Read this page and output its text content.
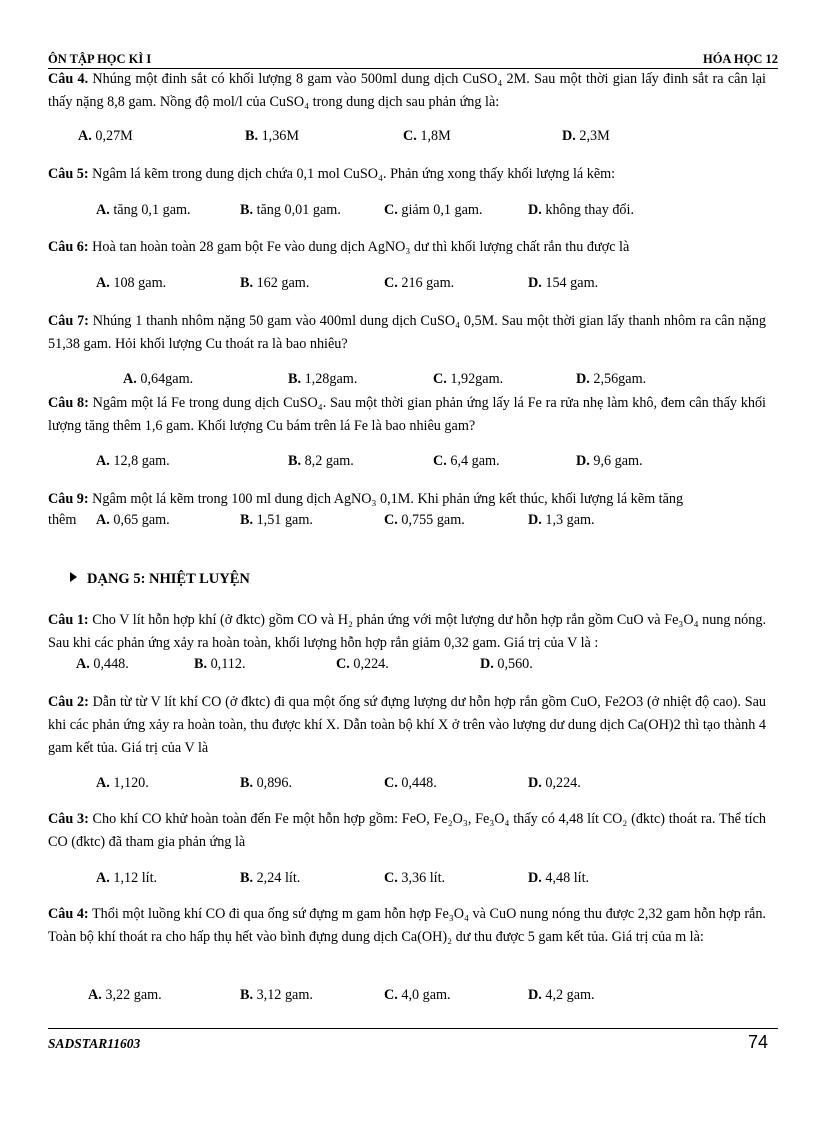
ÔN TẬP HỌC KÌ I	HÓA HỌC 12
Câu 4. Nhúng một đinh sắt có khối lượng 8 gam vào 500ml dung dịch CuSO₄ 2M. Sau một thời gian lấy đinh sắt ra cân lại thấy nặng 8,8 gam. Nồng độ mol/l của CuSO₄ trong dung dịch sau phản ứng là:
A. 0,27M	B. 1,36M	C. 1,8M	D. 2,3M
Câu 5: Ngâm lá kẽm trong dung dịch chứa 0,1 mol CuSO₄. Phản ứng xong thấy khối lượng lá kẽm:
A. tăng 0,1 gam.	B. tăng 0,01 gam.	C. giảm 0,1 gam.	D. không thay đổi.
Câu 6: Hoà tan hoàn toàn 28 gam bột Fe vào dung dịch AgNO₃ dư thì khối lượng chất rắn thu được là
A. 108 gam.	B. 162 gam.	C. 216 gam.	D. 154 gam.
Câu 7: Nhúng 1 thanh nhôm nặng 50 gam vào 400ml dung dịch CuSO₄ 0,5M. Sau một thời gian lấy thanh nhôm ra cân nặng 51,38 gam. Hỏi khối lượng Cu thoát ra là bao nhiêu?
A. 0,64gam.	B. 1,28gam.	C. 1,92gam.	D. 2,56gam.
Câu 8: Ngâm một lá Fe trong dung dịch CuSO₄. Sau một thời gian phản ứng lấy lá Fe ra rửa nhẹ làm khô, đem cân thấy khối lượng tăng thêm 1,6 gam. Khối lượng Cu bám trên lá Fe là bao nhiêu gam?
A. 12,8 gam.	B. 8,2 gam.	C. 6,4 gam.	D. 9,6 gam.
Câu 9: Ngâm một lá kẽm trong 100 ml dung dịch AgNO₃ 0,1M. Khi phản ứng kết thúc, khối lượng lá kẽm tăng
thêm A. 0,65 gam.	B. 1,51 gam.	C. 0,755 gam.	D. 1,3 gam.
DẠNG 5: NHIỆT LUYỆN
Câu 1: Cho V lít hỗn hợp khí (ở đktc) gồm CO và H₂ phản ứng với một lượng dư hỗn hợp rắn gồm CuO và Fe₃O₄ nung nóng. Sau khi các phản ứng xảy ra hoàn toàn, khối lượng hỗn hợp rắn giảm 0,32 gam. Giá trị của V là :
A. 0,448.	B. 0,112.	C. 0,224.	D. 0,560.
Câu 2: Dẫn từ từ V lít khí CO (ở đktc) đi qua một ống sứ đựng lượng dư hỗn hợp rắn gồm CuO, Fe2O3 (ở nhiệt độ cao). Sau khi các phản ứng xảy ra hoàn toàn, thu được khí X. Dẫn toàn bộ khí X ở trên vào lượng dư dung dịch Ca(OH)2 thì tạo thành 4 gam kết tủa. Giá trị của V là
A. 1,120.	B. 0,896.	C. 0,448.	D. 0,224.
Câu 3: Cho khí CO khử hoàn toàn đến Fe một hỗn hợp gồm: FeO, Fe₂O₃, Fe₃O₄ thấy có 4,48 lít CO₂ (đktc) thoát ra. Thể tích CO (đktc) đã tham gia phản ứng là
A. 1,12 lít.	B. 2,24 lít.	C. 3,36 lít.	D. 4,48 lít.
Câu 4: Thổi một luồng khí CO đi qua ống sứ đựng m gam hỗn hợp Fe₃O₄ và CuO nung nóng thu được 2,32 gam hỗn hợp rắn. Toàn bộ khí thoát ra cho hấp thụ hết vào bình đựng dung dịch Ca(OH)₂ dư thu được 5 gam kết tủa. Giá trị của m là:
A. 3,22 gam.	B. 3,12 gam.	C. 4,0 gam.	D. 4,2 gam.
SADSTAR11603	74
